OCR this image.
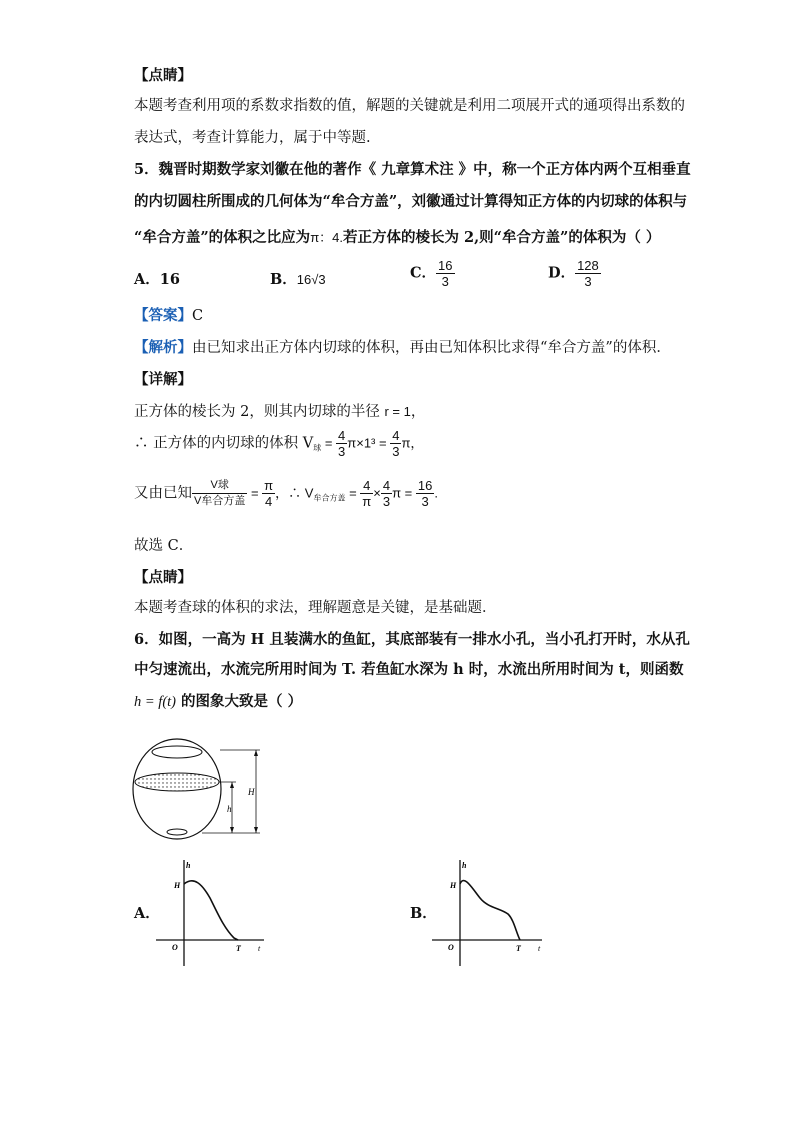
【点睛】
本题考查利用项的系数求指数的值，解题的关键就是利用二项展开式的通项得出系数的
表达式，考查计算能力，属于中等题.
5．魏晋时期数学家刘徽在他的著作《 九章算术注 》中，称一个正方体内两个互相垂直
的内切圆柱所围成的几何体为“牟合方盖”，刘徽通过计算得知正方体的内切球的体积与
“牟合方盖”的体积之比应为π：4.若正方体的棱长为 2,则“牟合方盖”的体积为（ ）
A．16	B．16√3	C． $\frac{16}{3}$	D． $\frac{128}{3}$
【答案】C
【解析】由已知求出正方体内切球的体积，再由已知体积比求得“牟合方盖”的体积．
【详解】
正方体的棱长为 2，则其内切球的半径 r = 1，
∴ 正方体的内切球的体积 $V_球 = \frac{4}{3} \pi\times 1^3 = \frac{4}{3}$ π，
又由已知 $\frac{\text{V球}}{\text{V牟合方盖}} = \frac{\pi}{4}$ ，∴ $V_{牟合方盖} = \frac{4}{\pi} \times \frac{4}{3}$ $\pi = \frac{16}{3}$ .
故选 C．
【点睛】
本题考查球的体积的求法，理解题意是关键，是基础题．
6．如图，一高为 H 且装满水的鱼缸，其底部装有一排水小孔，当小孔打开时，水从孔
中匀速流出，水流完所用时间为 T. 若鱼缸水深为 h 时，水流出所用时间为 t，则函数
h = f(t) 的图象大致是（ ）
h
H
A．
h
H
O	T t
B．
h
H
O	T t
